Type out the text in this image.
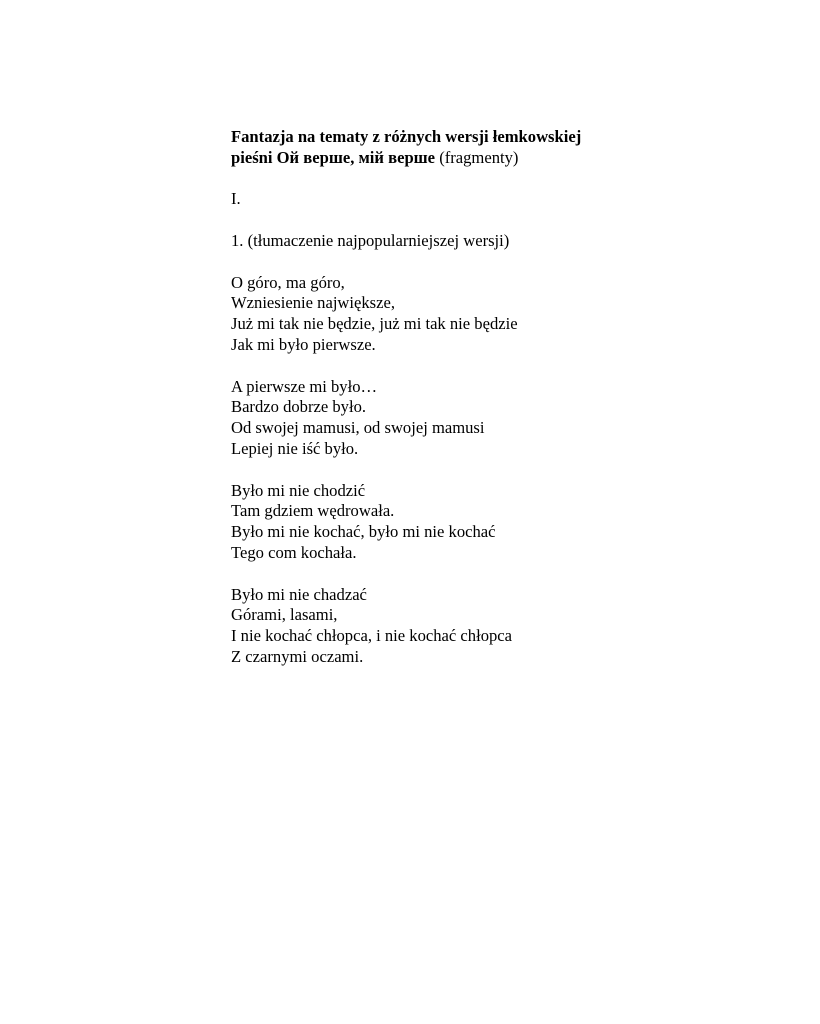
Fantazja na tematy z różnych wersji łemkowskiej
pieśni Ой верше, мій верше (fragmenty)
I.
1. (tłumaczenie najpopularniejszej wersji)
O góro, ma góro,
Wzniesienie największe,
Już mi tak nie będzie, już mi tak nie będzie
Jak mi było pierwsze.
A pierwsze mi było…
Bardzo dobrze było.
Od swojej mamusi, od swojej mamusi
Lepiej nie iść było.
Było mi nie chodzić
Tam gdziem wędrowała.
Było mi nie kochać, było mi nie kochać
Tego com kochała.
Było mi nie chadzać
Górami, lasami,
I nie kochać chłopca, i nie kochać chłopca
Z czarnymi oczami.
